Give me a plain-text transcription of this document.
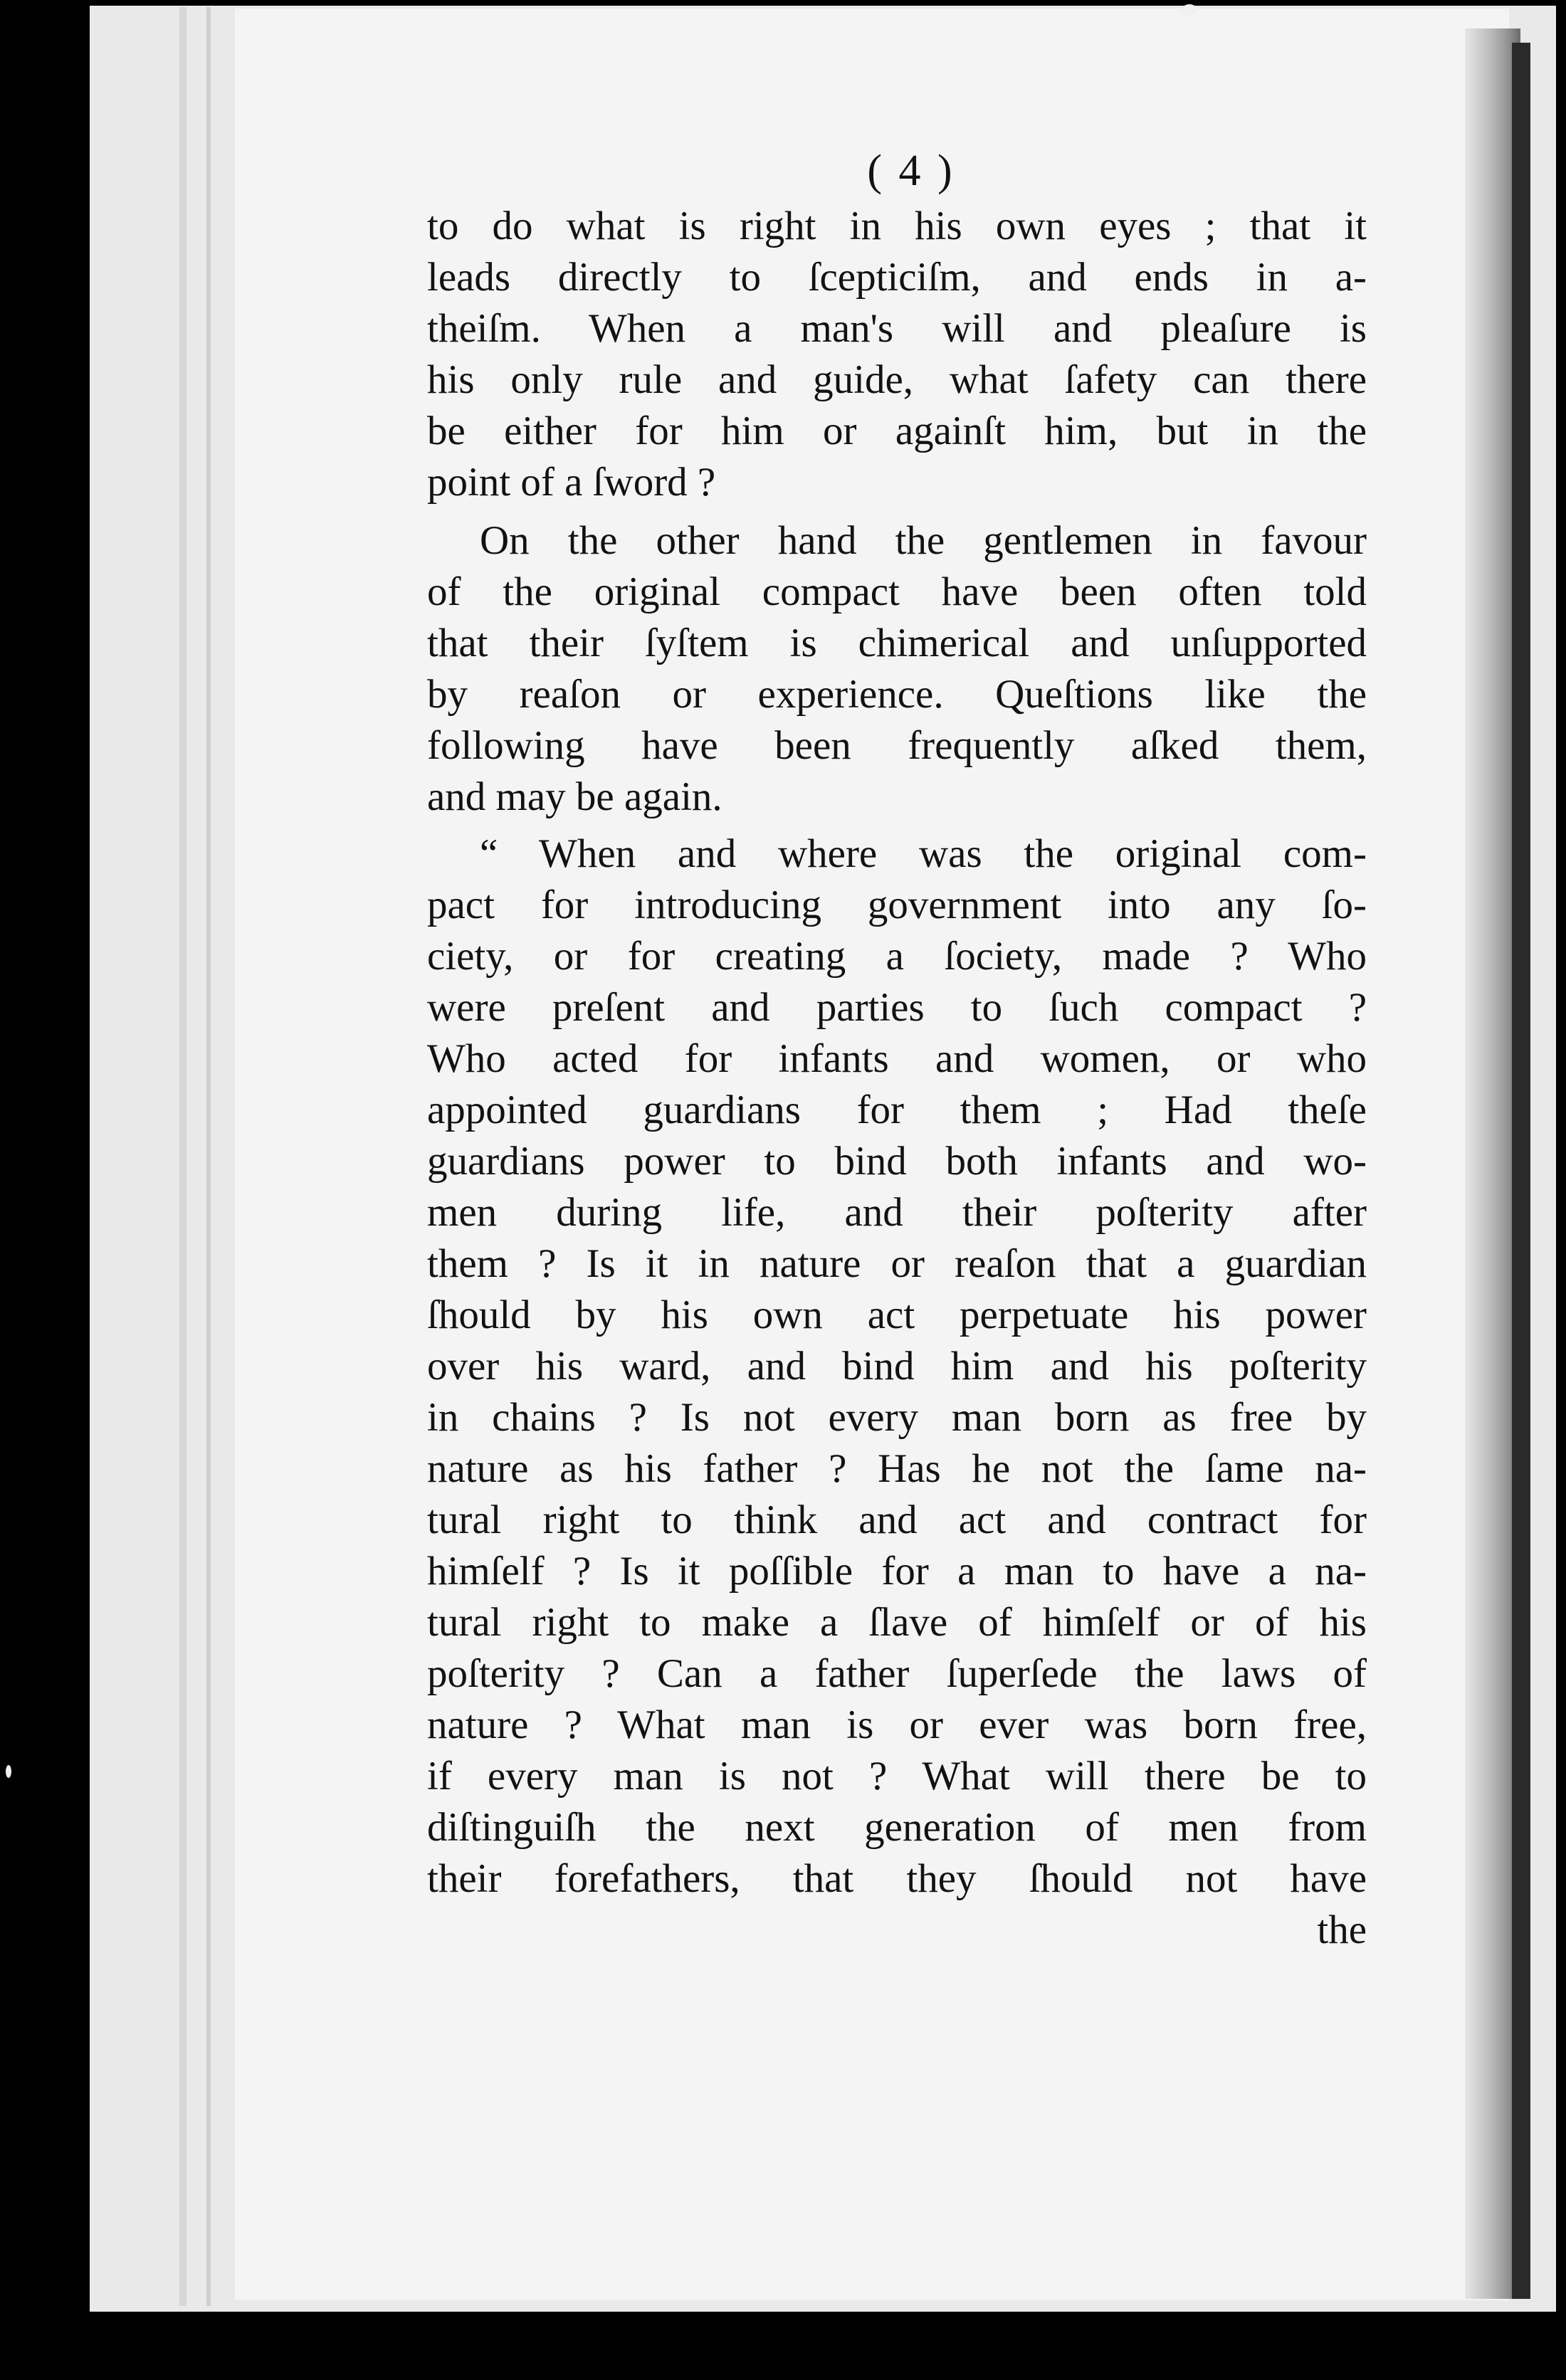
( 4 )
to do what is right in his own eyes ; that it
leads directly to ſcepticiſm, and ends in a-
theiſm. When a man's will and pleaſure is
his only rule and guide, what ſafety can there
be either for him or againſt him, but in the
point of a ſword ?
On the other hand the gentlemen in favour
of the original compact have been often told
that their ſyſtem is chimerical and unſupported
by reaſon or experience. Queſtions like the
following have been frequently aſked them,
and may be again.
“ When and where was the original com-
pact for introducing government into any ſo-
ciety, or for creating a ſociety, made ? Who
were preſent and parties to ſuch compact ?
Who acted for infants and women, or who
appointed guardians for them ; Had theſe
guardians power to bind both infants and wo-
men during life, and their poſterity after
them ? Is it in nature or reaſon that a guardian
ſhould by his own act perpetuate his power
over his ward, and bind him and his poſterity
in chains ? Is not every man born as free by
nature as his father ? Has he not the ſame na-
tural right to think and act and contract for
himſelf ? Is it poſſible for a man to have a na-
tural right to make a ſlave of himſelf or of his
poſterity ? Can a father ſuperſede the laws of
nature ? What man is or ever was born free,
if every man is not ? What will there be to
diſtinguiſh the next generation of men from
their forefathers, that they ſhould not have
the
